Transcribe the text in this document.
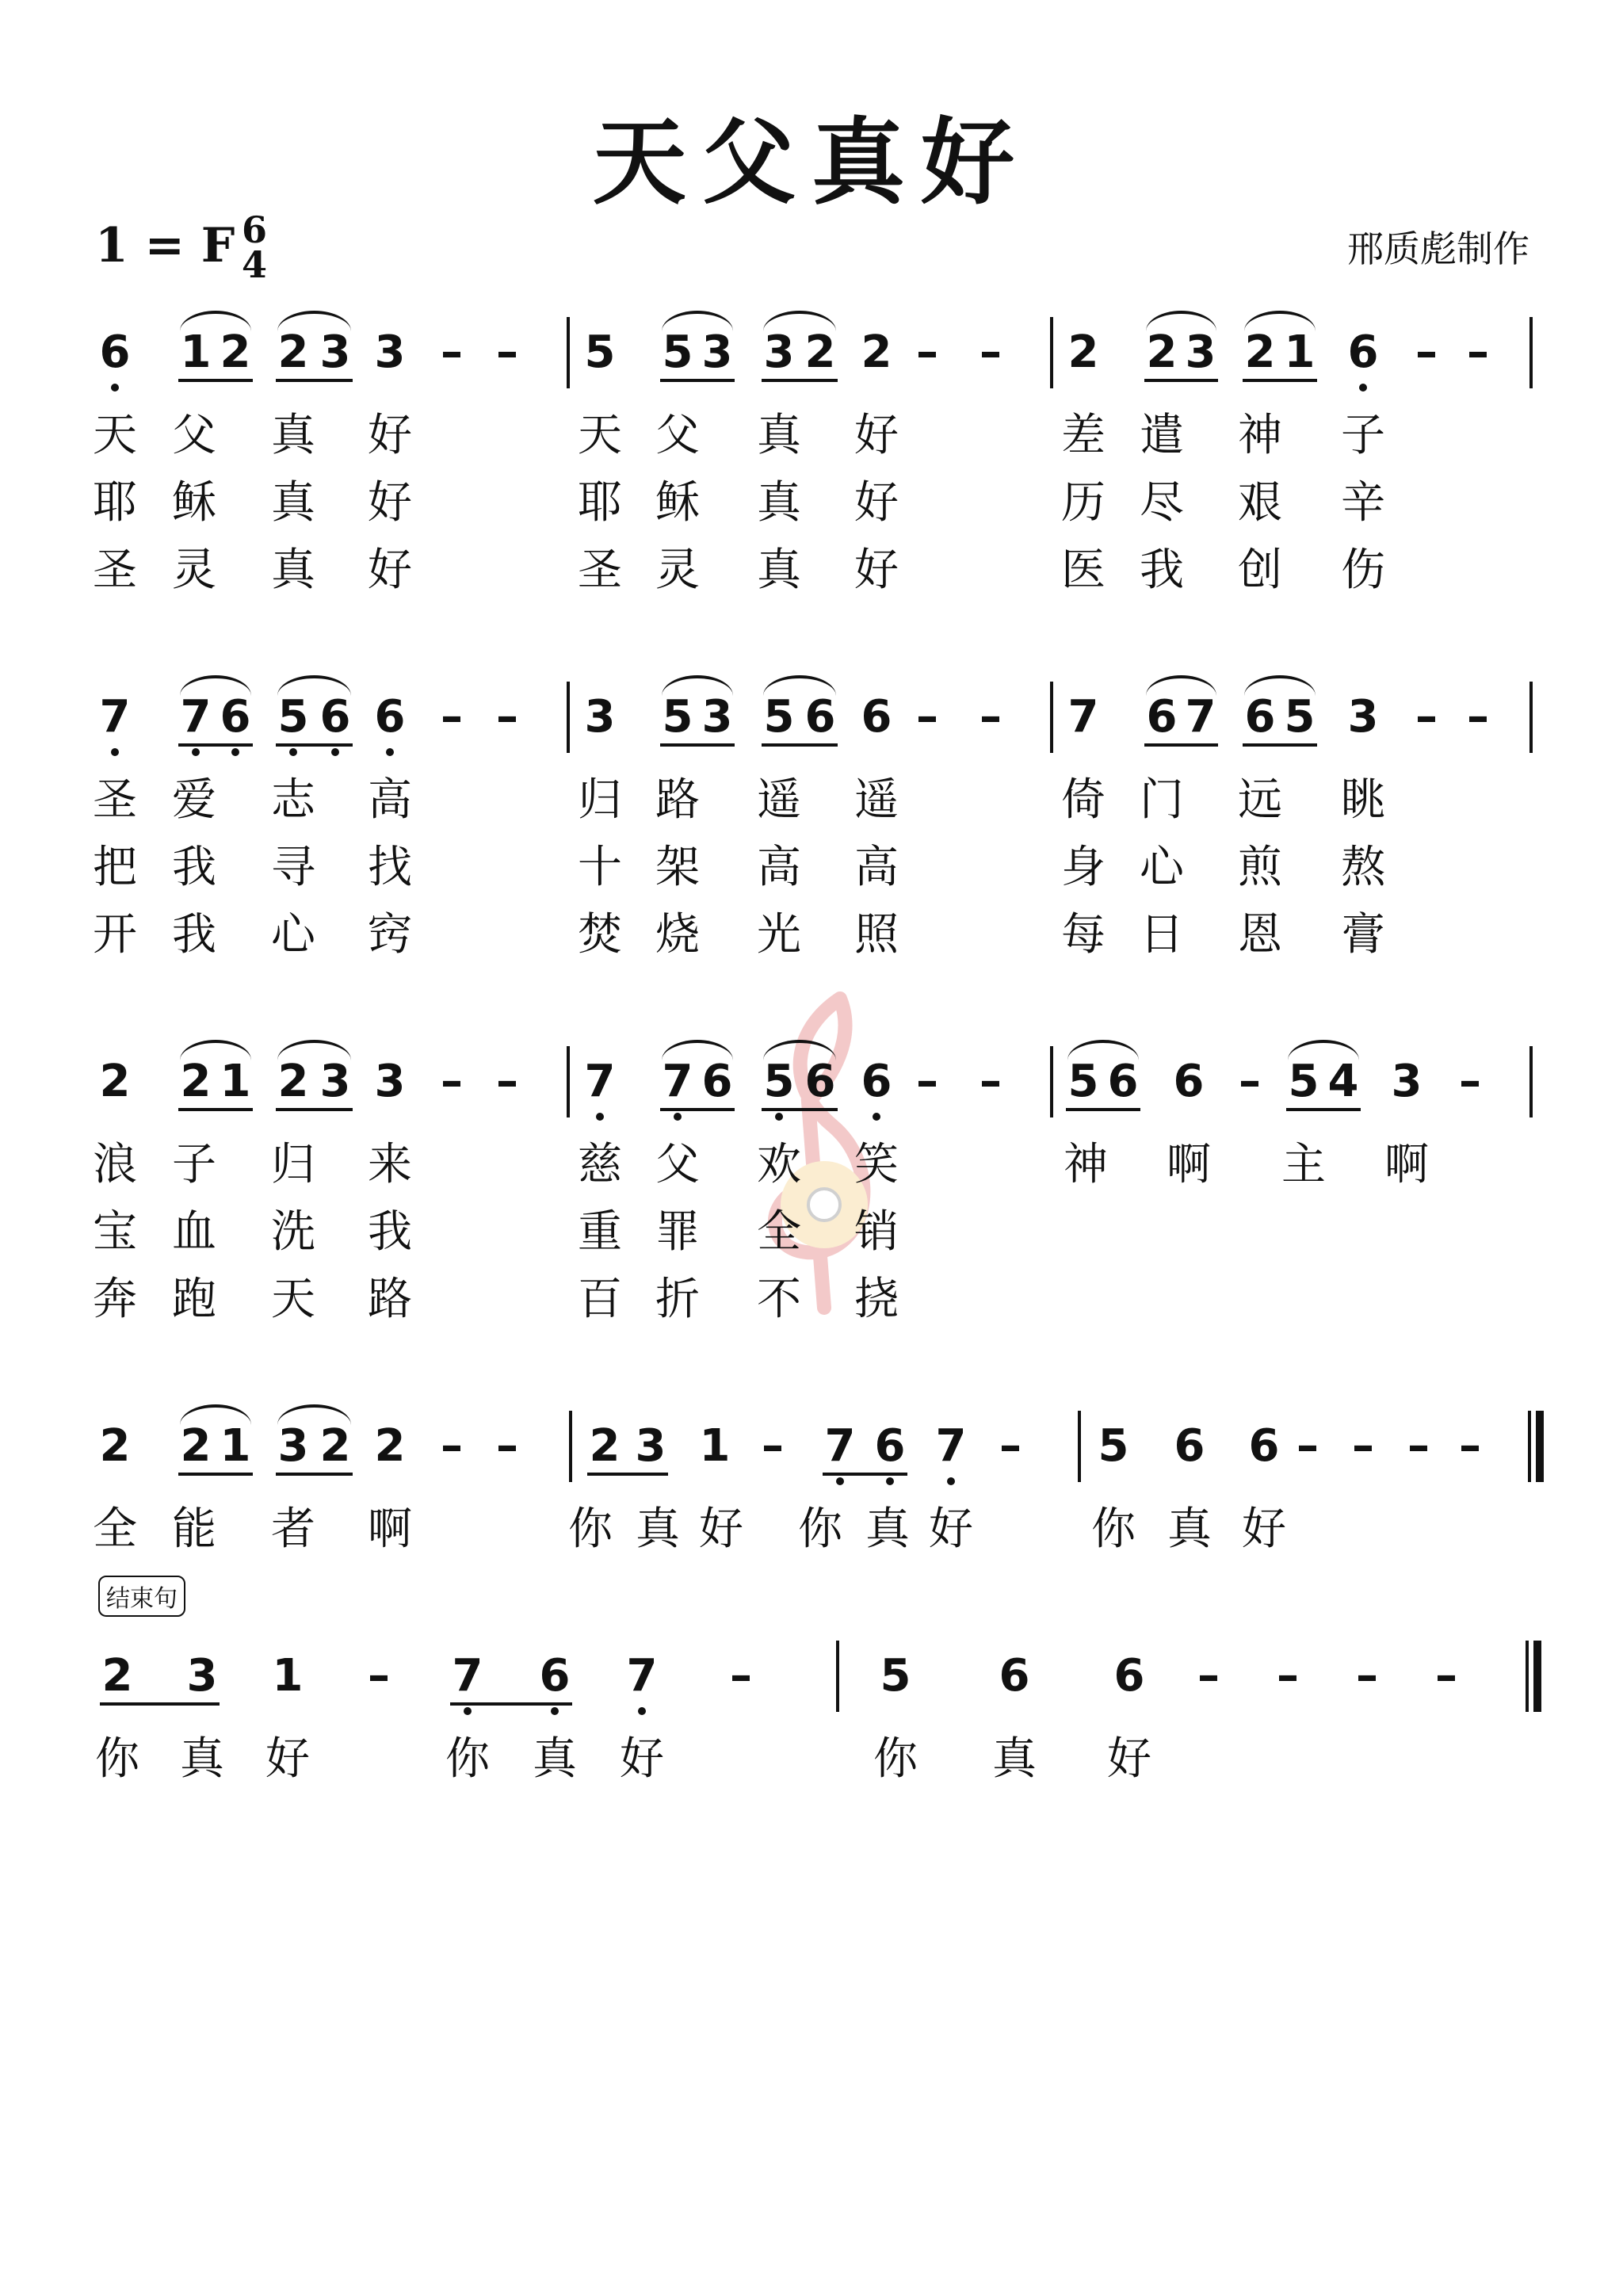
天父真好
1 = F 6
4	邢质彪制作
结束句
6 1 2 2 3 3 – – 5 5 3 3 2 2 – – 2 2 3 2 1 6 – –
天 父 真 好	天 父 真 好	差 遣 神 子
耶 稣 真 好	耶 稣 真 好	历 尽 艰 辛
圣 灵 真 好	圣 灵 真 好	医 我 创 伤
7 7 6 5 6 6 – – 3 5 3 5 6 6 – – 7 6 7 6 5 3 – –
圣 爱 志 高	归 路 遥 遥	倚 门 远 眺
把 我 寻 找	十 架 高 高	身 心 煎 熬
开 我 心 窍	焚 烧 光 照	每 日 恩 膏
2 2 1 2 3 3 – – 7 7 6 5 6 6 – – 5 6 6 – 5 4 3 –
浪 子 归 来	慈 父 欢 笑	神 啊 主 啊
宝 血 洗 我	重 罪 全 销
奔 跑 天 路	百 折 不 挠
2 2 1 3 2 2 – – 2 3 1 – 7 6 7 – 5 6 6 – – – –
全 能 者 啊	你 真 好 你 真 好	你 真 好
2 3 1 – 7 6 7 –	5 6 6 – – – –
你 真 好	你 真 好	你 真 好
